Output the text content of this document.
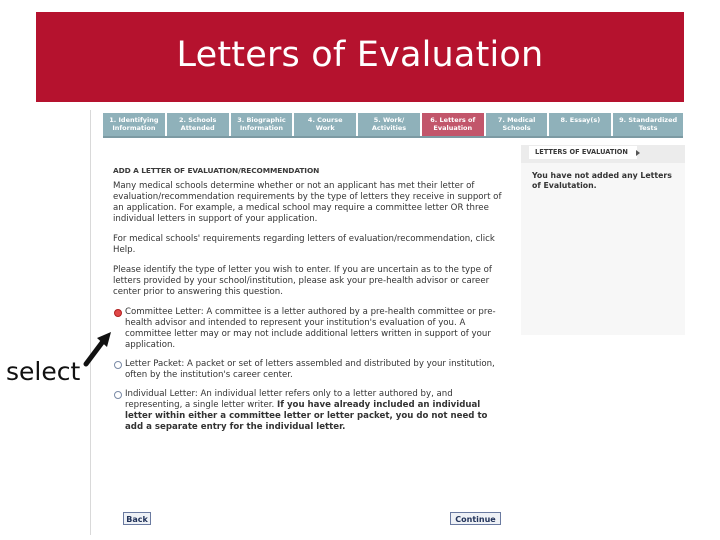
Letters of Evaluation
1. Identifying
Information
2. Schools
Attended
3. Biographic
Information
4. Course
Work
5. Work/
Activities
6. Letters of
Evaluation
7. Medical
Schools
8. Essay(s)	9. Standardized
Tests
ADD A LETTER OF EVALUATION/RECOMMENDATION

Many medical schools determine whether or not an applicant has met their letter of evaluation/recommendation requirements by the type of letters they receive in support of an application. For example, a medical school may require a committee letter OR three individual letters in support of your application.

For medical schools' requirements regarding letters of evaluation/recommendation, click Help.

Please identify the type of letter you wish to enter. If you are uncertain as to the type of letters provided by your school/institution, please ask your pre-health advisor or career center prior to answering this question.

Committee Letter: A committee is a letter authored by a pre-health committee or pre-health advisor and intended to represent your institution's evaluation of you. A committee letter may or may not include additional letters written in support of your application.
Letter Packet: A packet or set of letters assembled and distributed by your institution, often by the institution's career center.
Individual Letter: An individual letter refers only to a letter authored by, and representing, a single letter writer. If you have already included an individual letter within either a committee letter or letter packet, you do not need to add a separate entry for the individual letter.
LETTERS OF EVALUATION
You have not added any Letters of Evalutation.
Back	Continue
select
